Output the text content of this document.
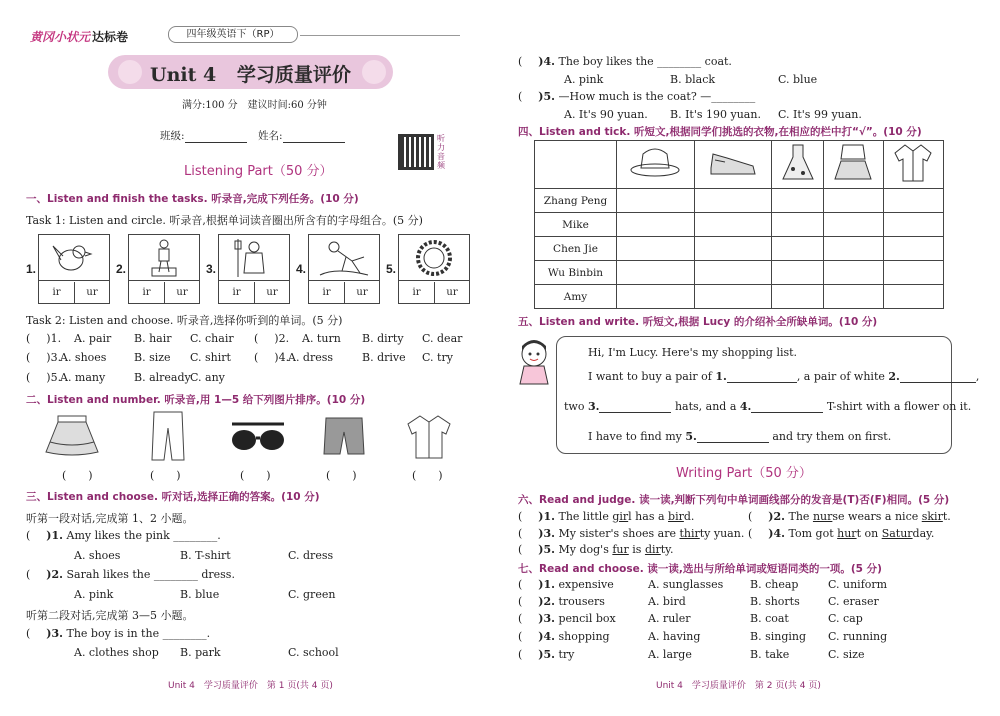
黄冈小状元 达标卷	四年级英语下（RP）
Unit 4 学习质量评价
满分:100 分　建议时间:60 分钟
班级:	姓名:	听力音频
Listening Part（50 分）
一、Listen and finish the tasks. 听录音,完成下列任务。(10 分)
Task 1: Listen and circle. 听录音,根据单词读音圈出所含有的字母组合。(5 分)
1.
ir	ur
2.
ir	ur
3.
ir	ur
4.
ir	ur
5.
ir	ur
Task 2: Listen and choose. 听录音,选择你听到的单词。(5 分)
( )1. A. pair B. hair C. chair ( )2. A. turn B. dirty C. dear
( )3.
A. shoes	B. size C. shirt ( )4.
A. dress	B. drive C. try
( )5.
A. many	B. already C. any
二、Listen and number. 听录音,用 1—5 给下列图片排序。(10 分)
(　　)	(　　)	(　　)	(　　)	(　　)
三、Listen and choose. 听对话,选择正确的答案。(10 分)
听第一段对话,完成第 1、2 小题。
( )1. Amy likes the pink ________.
A. shoes	B. T-shirt	C. dress
( )2. Sarah likes the ________ dress.
A. pink	B. blue	C. green
听第二段对话,完成第 3—5 小题。
( )3. The boy is in the ________.
A. clothes shop B. park	C. school
Unit 4　学习质量评价　第 1 页(共 4 页)
( )4. The boy likes the ________ coat.
A. pink	B. black	C. blue
( )5. —How much is the coat? —________
A. It's 90 yuan. B. It's 190 yuan. C. It's 99 yuan.
四、Listen and tick. 听短文,根据同学们挑选的衣物,在相应的栏中打“√”。(10 分)

Zhang Peng					
Mike					
Chen Jie					
Wu Binbin					
Amy					
五、Listen and write. 听短文,根据 Lucy 的介绍补全所缺单词。(10 分)
Hi, I'm Lucy. Here's my shopping list.
I want to buy a pair of 1.	, a pair of white 2.	,
two 3.	hats, and a 4.	T-shirt with a flower on it.
I have to find my 5.	and try them on first.
Writing Part（50 分）
六、Read and judge. 读一读,判断下列句中单词画线部分的发音是(T)否(F)相同。(5 分)
( )1. The little girl has a bird.	( )2. The nurse wears a nice skirt.
( )3. My sister's shoes are thirty yuan. ( )4. Tom got hurt on Saturday.
( )5. My dog's fur is dirty.
七、Read and choose. 读一读,选出与所给单词或短语同类的一项。(5 分)
( )1. expensive	A. sunglasses B. cheap	C. uniform
( )2. trousers	A. bird	B. shorts	C. eraser
( )3. pencil box	A. ruler	B. coat	C. cap
( )4. shopping	A. having	B. singing C. running
( )5. try	A. large	B. take	C. size
Unit 4　学习质量评价　第 2 页(共 4 页)
